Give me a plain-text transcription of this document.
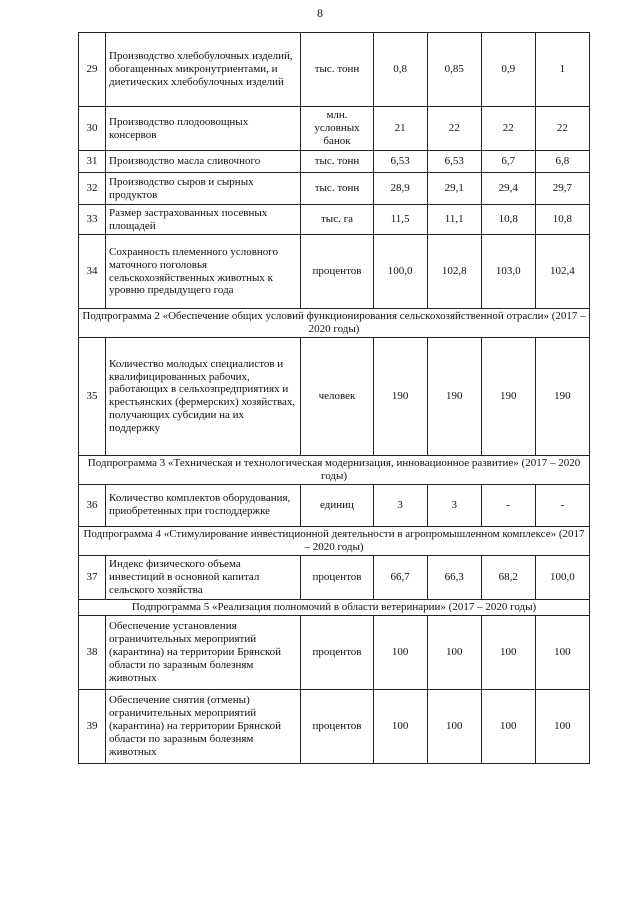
8
29	Производство хлебобулочных изделий, обогащенных микронутриентами, и диетических хлебобулочных изделий	тыс. тонн	0,8	0,85	0,9	1
30	Производство плодоовощных консервов	млн. условных банок	21	22	22	22
31	Производство масла сливочного	тыс. тонн	6,53	6,53	6,7	6,8
32	Производство сыров и сырных продуктов	тыс. тонн	28,9	29,1	29,4	29,7
33	Размер застрахованных посевных площадей	тыс. га	11,5	11,1	10,8	10,8
34	Сохранность племенного условного маточного поголовья сельскохозяйственных животных к уровню предыдущего года	процентов	100,0	102,8	103,0	102,4
Подпрограмма 2 «Обеспечение общих условий функционирования сельскохозяйственной отрасли» (2017 – 2020 годы)						
35	Количество молодых специалистов и квалифицированных рабочих, работающих в сельхозпредприятиях и крестьянских (фермерских) хозяйствах, получающих субсидии на их поддержку	человек	190	190	190	190
Подпрограмма 3 «Техническая и технологическая модернизация, инновационное развитие» (2017 – 2020 годы)						
36	Количество комплектов оборудования, приобретенных при господдержке	единиц	3	3	-	-
Подпрограмма 4 «Стимулирование инвестиционной деятельности в агропромышленном комплексе» (2017 – 2020 годы)						
37	Индекс физического объема инвестиций в основной капитал сельского хозяйства	процентов	66,7	66,3	68,2	100,0
Подпрограмма 5 «Реализация полномочий в области ветеринарии» (2017 – 2020 годы)						
38	Обеспечение установления ограничительных мероприятий (карантина) на территории Брянской области по заразным болезням животных	процентов	100	100	100	100
39	Обеспечение снятия (отмены) ограничительных мероприятий (карантина) на территории Брянской области по заразным болезням животных	процентов	100	100	100	100
